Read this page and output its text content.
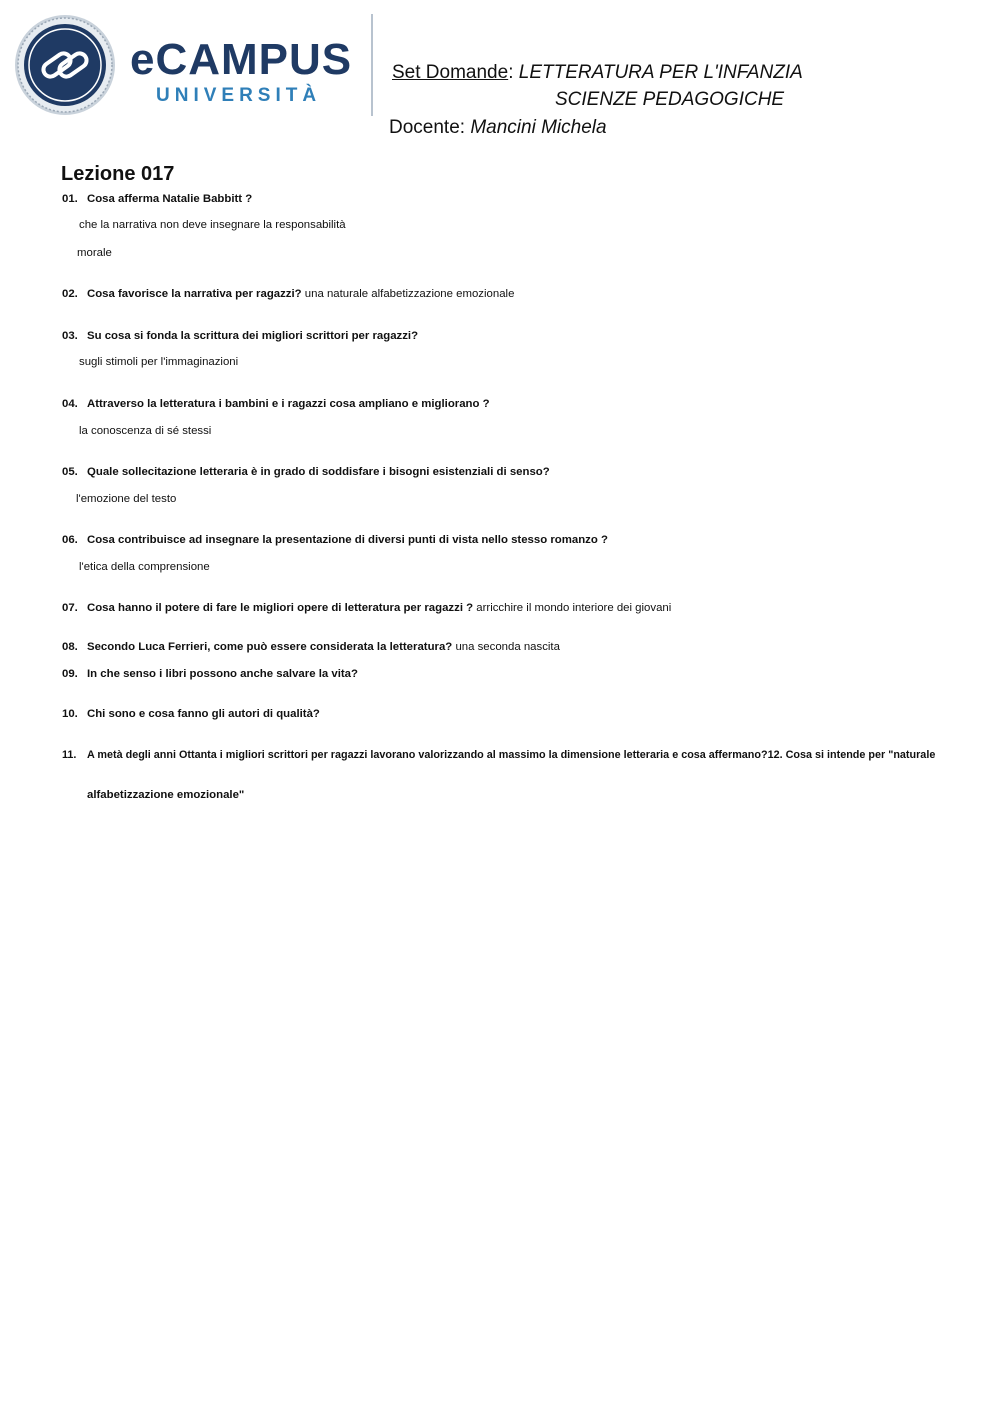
eCAMPUS
UNIVERSITÀ
Set Domande: LETTERATURA PER L'INFANZIA
SCIENZE PEDAGOGICHE
Docente: Mancini Michela
Lezione 017
01. Cosa afferma Natalie Babbitt ?
che la narrativa non deve insegnare la responsabilità
morale
02. Cosa favorisce la narrativa per ragazzi? una naturale alfabetizzazione emozionale
03. Su cosa si fonda la scrittura dei migliori scrittori per ragazzi?
sugli stimoli per l'immaginazioni
04. Attraverso la letteratura i bambini e i ragazzi cosa ampliano e migliorano ?
la conoscenza di sé stessi
05. Quale sollecitazione letteraria è in grado di soddisfare i bisogni esistenziali di senso?
l'emozione del testo
06. Cosa contribuisce ad insegnare la presentazione di diversi punti di vista nello stesso romanzo ?
l'etica della comprensione
07. Cosa hanno il potere di fare le migliori opere di letteratura per ragazzi ? arricchire il mondo interiore dei giovani
08. Secondo Luca Ferrieri, come può essere considerata la letteratura? una seconda nascita
09. In che senso i libri possono anche salvare la vita?
10. Chi sono e cosa fanno gli autori di qualità?
11. A metà degli anni Ottanta i migliori scrittori per ragazzi lavorano valorizzando al massimo la dimensione letteraria e cosa affermano?12. Cosa si intende per "naturale
alfabetizzazione emozionale"
